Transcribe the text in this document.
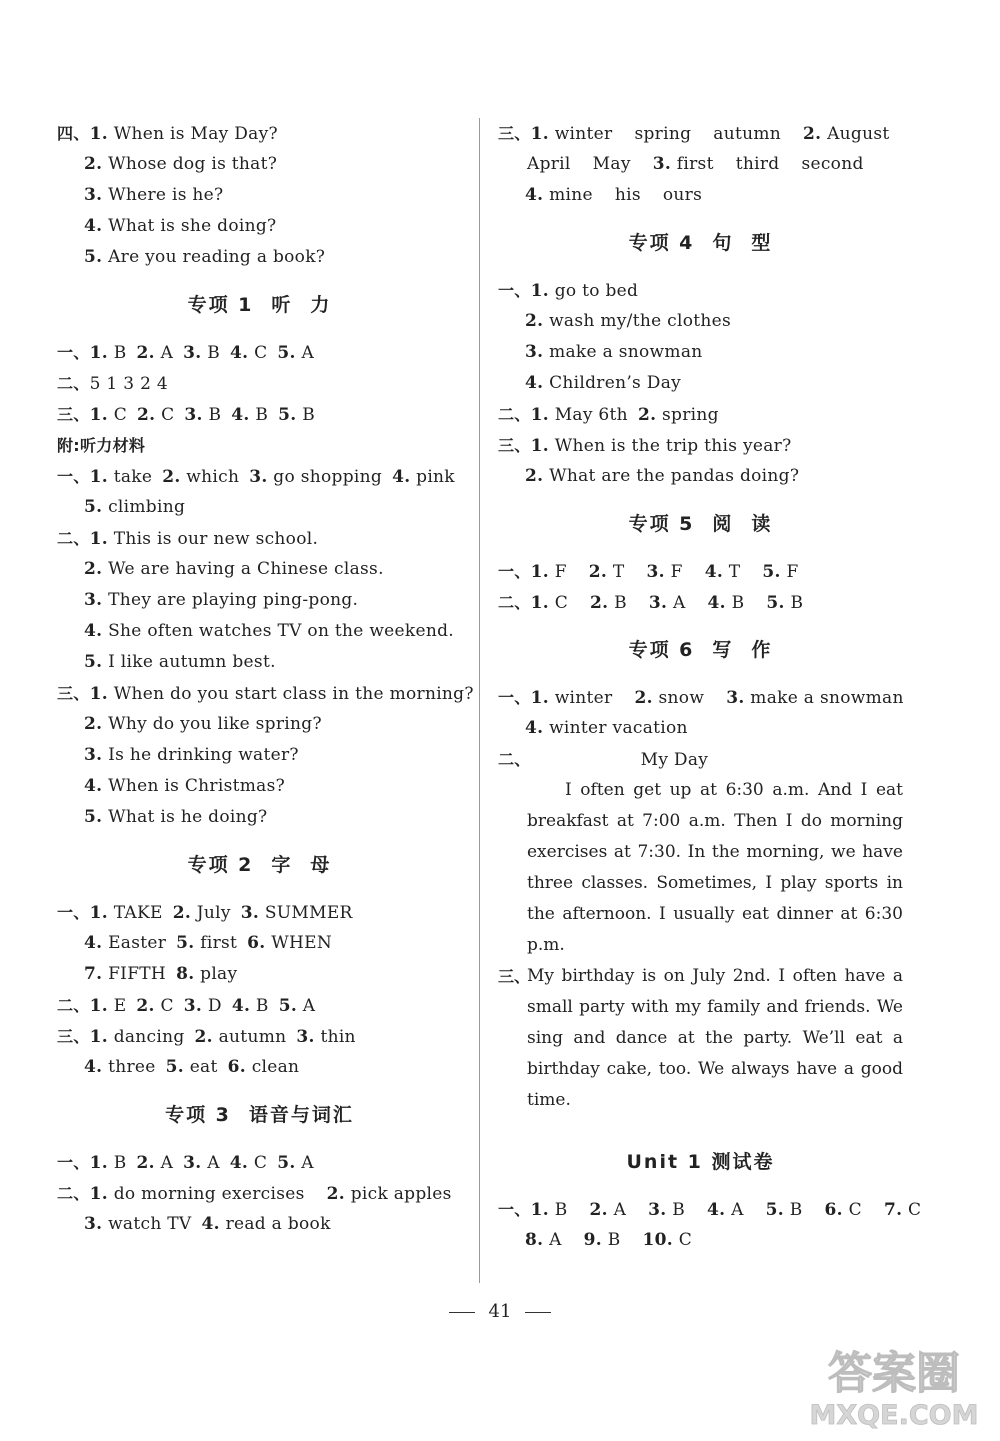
四、1. When is May Day?
2. Whose dog is that?
3. Where is he?
4. What is she doing?
5. Are you reading a book?
专项 1 听 力
一、1. B 2. A 3. B 4. C 5. A
二、5 1 3 2 4
三、1. C 2. C 3. B 4. B 5. B
附:听力材料
一、1. take 2. which 3. go shopping 4. pink
5. climbing
二、1. This is our new school.
2. We are having a Chinese class.
3. They are playing ping-pong.
4. She often watches TV on the weekend.
5. I like autumn best.
三、1. When do you start class in the morning?
2. Why do you like spring?
3. Is he drinking water?
4. When is Christmas?
5. What is he doing?
专项 2 字 母
一、1. TAKE 2. July 3. SUMMER
4. Easter 5. first 6. WHEN
7. FIFTH 8. play
二、1. E 2. C 3. D 4. B 5. A
三、1. dancing 2. autumn 3. thin
4. three 5. eat 6. clean
专项 3 语音与词汇
一、1. B 2. A 3. A 4. C 5. A
二、1. do morning exercises 2. pick apples
3. watch TV 4. read a book
三、1. winter spring autumn 2. August
April May 3. first third second
4. mine his ours
专项 4 句 型
一、1. go to bed
2. wash my/the clothes
3. make a snowman
4. Children’s Day
二、1. May 6th 2. spring
三、1. When is the trip this year?
2. What are the pandas doing?
专项 5 阅 读
一、1. F 2. T 3. F 4. T 5. F
二、1. C 2. B 3. A 4. B 5. B
专项 6 写 作
一、1. winter 2. snow 3. make a snowman
4. winter vacation
二、	My Day
I often get up at 6:30 a.m. And I eat breakfast at 7:00 a.m. Then I do morning exercises at 7:30. In the morning, we have three classes. Sometimes, I play sports in the afternoon. I usually eat dinner at 6:30 p.m.
三、
My birthday is on July 2nd. I often have a small party with my family and friends. We sing and dance at the party. We’ll eat a birthday cake, too. We always have a good time.
Unit 1 测试卷
一、1. B 2. A 3. B 4. A 5. B 6. C 7. C
8. A 9. B 10. C
41
答案圈
MXQE.COM
